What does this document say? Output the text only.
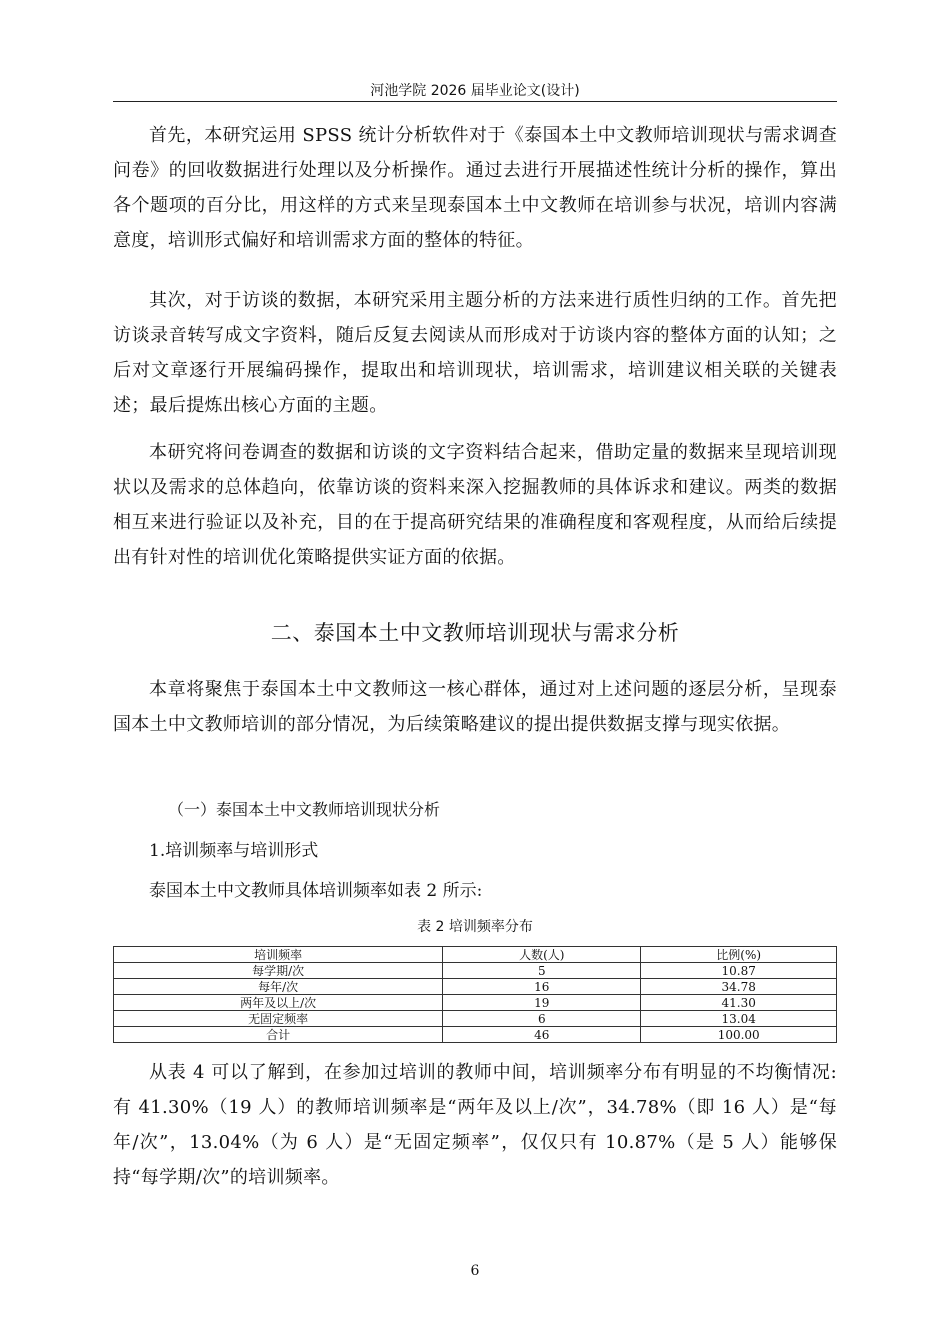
河池学院 2026 届毕业论文(设计)

首先，本研究运用 SPSS 统计分析软件对于《泰国本土中文教师培训现状与需求调查问卷》的回收数据进行处理以及分析操作。通过去进行开展描述性统计分析的操作，算出各个题项的百分比，用这样的方式来呈现泰国本土中文教师在培训参与状况，培训内容满意度，培训形式偏好和培训需求方面的整体的特征。

其次，对于访谈的数据，本研究采用主题分析的方法来进行质性归纳的工作。首先把访谈录音转写成文字资料，随后反复去阅读从而形成对于访谈内容的整体方面的认知；之后对文章逐行开展编码操作，提取出和培训现状，培训需求，培训建议相关联的关键表述；最后提炼出核心方面的主题。

本研究将问卷调查的数据和访谈的文字资料结合起来，借助定量的数据来呈现培训现状以及需求的总体趋向，依靠访谈的资料来深入挖掘教师的具体诉求和建议。两类的数据相互来进行验证以及补充，目的在于提高研究结果的准确程度和客观程度，从而给后续提出有针对性的培训优化策略提供实证方面的依据。

二、泰国本土中文教师培训现状与需求分析

本章将聚焦于泰国本土中文教师这一核心群体，通过对上述问题的逐层分析，呈现泰国本土中文教师培训的部分情况，为后续策略建议的提出提供数据支撑与现实依据。

（一）泰国本土中文教师培训现状分析

1.培训频率与培训形式

泰国本土中文教师具体培训频率如表 2 所示:

表 2 培训频率分布
培训频率	人数(人)	比例(%)
每学期/次	5	10.87
每年/次	16	34.78
两年及以上/次	19	41.30
无固定频率	6	13.04
合计	46	100.00

从表 4 可以了解到，在参加过培训的教师中间，培训频率分布有明显的不均衡情况:有 41.30%（19 人）的教师培训频率是“两年及以上/次”，34.78%（即 16 人）是“每年/次”，13.04%（为 6 人）是“无固定频率”，仅仅只有 10.87%（是 5 人）能够保持“每学期/次”的培训频率。

6
